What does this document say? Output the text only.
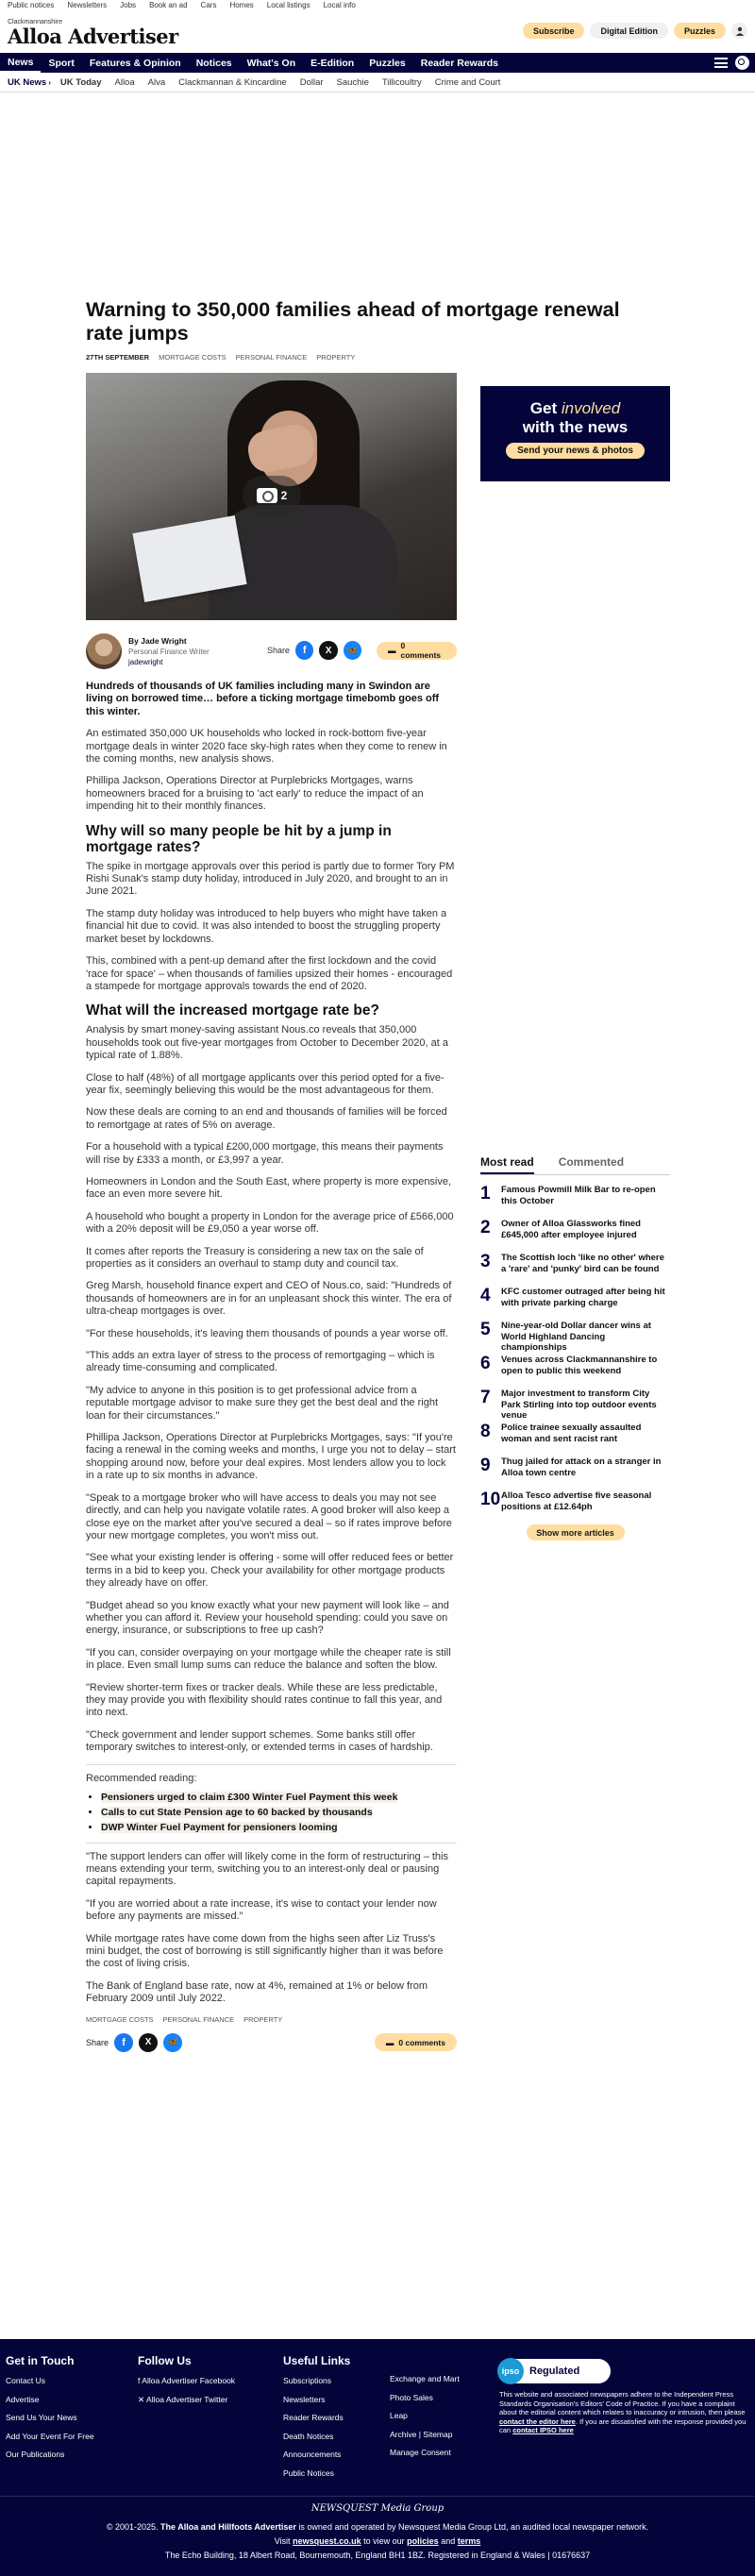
Public notices Newsletters Jobs Book an ad Cars Homes Local listings Local info
Clackmannanshire
Alloa Advertiser	Subscribe	Digital Edition	Puzzles
News	Sport	Features & Opinion	Notices	What's On	E-Edition	Puzzles	Reader Rewards
UK News › UK Today Alloa Alva Clackmannan & Kincardine Dollar Sauchie Tillicoultry Crime and Court
Warning to 350,000 families ahead of mortgage renewal rate jumps
27TH SEPTEMBER MORTGAGE COSTS PERSONAL FINANCE PROPERTY
2
By Jade Wright
Personal Finance Writer
jadewright
Share	f	X	🦋	▬ 0 comments

Hundreds of thousands of UK families including many in Swindon are living on borrowed time… before a ticking mortgage timebomb goes off this winter.

An estimated 350,000 UK households who locked in rock-bottom five-year mortgage deals in winter 2020 face sky-high rates when they come to renew in the coming months, new analysis shows.

Phillipa Jackson, Operations Director at Purplebricks Mortgages, warns homeowners braced for a bruising to 'act early' to reduce the impact of an impending hit to their monthly finances.

Why will so many people be hit by a jump in mortgage rates?

The spike in mortgage approvals over this period is partly due to former Tory PM Rishi Sunak's stamp duty holiday, introduced in July 2020, and brought to an in June 2021.

The stamp duty holiday was introduced to help buyers who might have taken a financial hit due to covid. It was also intended to boost the struggling property market beset by lockdowns.

This, combined with a pent-up demand after the first lockdown and the covid 'race for space' – when thousands of families upsized their homes - encouraged a stampede for mortgage approvals towards the end of 2020.

What will the increased mortgage rate be?

Analysis by smart money-saving assistant Nous.co reveals that 350,000 households took out five-year mortgages from October to December 2020, at a typical rate of 1.88%.

Close to half (48%) of all mortgage applicants over this period opted for a five-year fix, seemingly believing this would be the most advantageous for them.

Now these deals are coming to an end and thousands of families will be forced to remortgage at rates of 5% on average.

For a household with a typical £200,000 mortgage, this means their payments will rise by £333 a month, or £3,997 a year.

Homeowners in London and the South East, where property is more expensive, face an even more severe hit.

A household who bought a property in London for the average price of £566,000 with a 20% deposit will be £9,050 a year worse off.

It comes after reports the Treasury is considering a new tax on the sale of properties as it considers an overhaul to stamp duty and council tax.

Greg Marsh, household finance expert and CEO of Nous.co, said: "Hundreds of thousands of homeowners are in for an unpleasant shock this winter. The era of ultra-cheap mortgages is over.

"For these households, it's leaving them thousands of pounds a year worse off.

"This adds an extra layer of stress to the process of remortgaging – which is already time-consuming and complicated.

"My advice to anyone in this position is to get professional advice from a reputable mortgage advisor to make sure they get the best deal and the right loan for their circumstances."

Phillipa Jackson, Operations Director at Purplebricks Mortgages, says: "If you're facing a renewal in the coming weeks and months, I urge you not to delay – start shopping around now, before your deal expires. Most lenders allow you to lock in a rate up to six months in advance.

"Speak to a mortgage broker who will have access to deals you may not see directly, and can help you navigate volatile rates. A good broker will also keep a close eye on the market after you've secured a deal – so if rates improve before your new mortgage completes, you won't miss out.

"See what your existing lender is offering - some will offer reduced fees or better terms in a bid to keep you. Check your availability for other mortgage products they already have on offer.

"Budget ahead so you know exactly what your new payment will look like – and whether you can afford it. Review your household spending: could you save on energy, insurance, or subscriptions to free up cash?

"If you can, consider overpaying on your mortgage while the cheaper rate is still in place. Even small lump sums can reduce the balance and soften the blow.

"Review shorter-term fixes or tracker deals. While these are less predictable, they may provide you with flexibility should rates continue to fall this year, and into next.

"Check government and lender support schemes. Some banks still offer temporary switches to interest-only, or extended terms in cases of hardship.

Recommended reading:
• Pensioners urged to claim £300 Winter Fuel Payment this week
• Calls to cut State Pension age to 60 backed by thousands
• DWP Winter Fuel Payment for pensioners looming

"The support lenders can offer will likely come in the form of restructuring – this means extending your term, switching you to an interest-only deal or pausing capital repayments.

"If you are worried about a rate increase, it's wise to contact your lender now before any payments are missed."

While mortgage rates have come down from the highs seen after Liz Truss's mini budget, the cost of borrowing is still significantly higher than it was before the cost of living crisis.

The Bank of England base rate, now at 4%, remained at 1% or below from February 2009 until July 2022.

MORTGAGE COSTS PERSONAL FINANCE PROPERTY
Share	f	X	🦋	▬ 0 comments
Get involved
with the news
Send your news & photos
Most read Commented
1	Famous Powmill Milk Bar to re-open this October
2	Owner of Alloa Glassworks fined £645,000 after employee injured
3	The Scottish loch 'like no other' where a 'rare' and 'punky' bird can be found
4	KFC customer outraged after being hit with private parking charge
5	Nine-year-old Dollar dancer wins at World Highland Dancing championships
6	Venues across Clackmannanshire to open to public this weekend
7	Major investment to transform City Park Stirling into top outdoor events venue
8	Police trainee sexually assaulted woman and sent racist rant
9	Thug jailed for attack on a stranger in Alloa town centre
10 Alloa Tesco advertise five seasonal positions at £12.64ph
Show more articles
Get in Touch
Contact Us
Advertise
Send Us Your News
Add Your Event For Free
Our Publications
Follow Us
f Alloa Advertiser Facebook
✕ Alloa Advertiser Twitter
Useful Links
Subscriptions
Newsletters
Reader Rewards
Death Notices
Announcements
Public Notices
Exchange and Mart
Photo Sales
Leap
Archive | Sitemap
Manage Consent
ipso Regulated
This website and associated newspapers adhere to the Independent Press Standards Organisation's Editors' Code of Practice. If you have a complaint about the editorial content which relates to inaccuracy or intrusion, then please contact the editor here. If you are dissatisfied with the response provided you can contact IPSO here
NEWSQUEST Media Group
© 2001-2025. The Alloa and Hillfoots Advertiser is owned and operated by Newsquest Media Group Ltd, an audited local newspaper network.
Visit newsquest.co.uk to view our policies and terms
The Echo Building, 18 Albert Road, Bournemouth, England BH1 1BZ. Registered in England & Wales | 01676637
